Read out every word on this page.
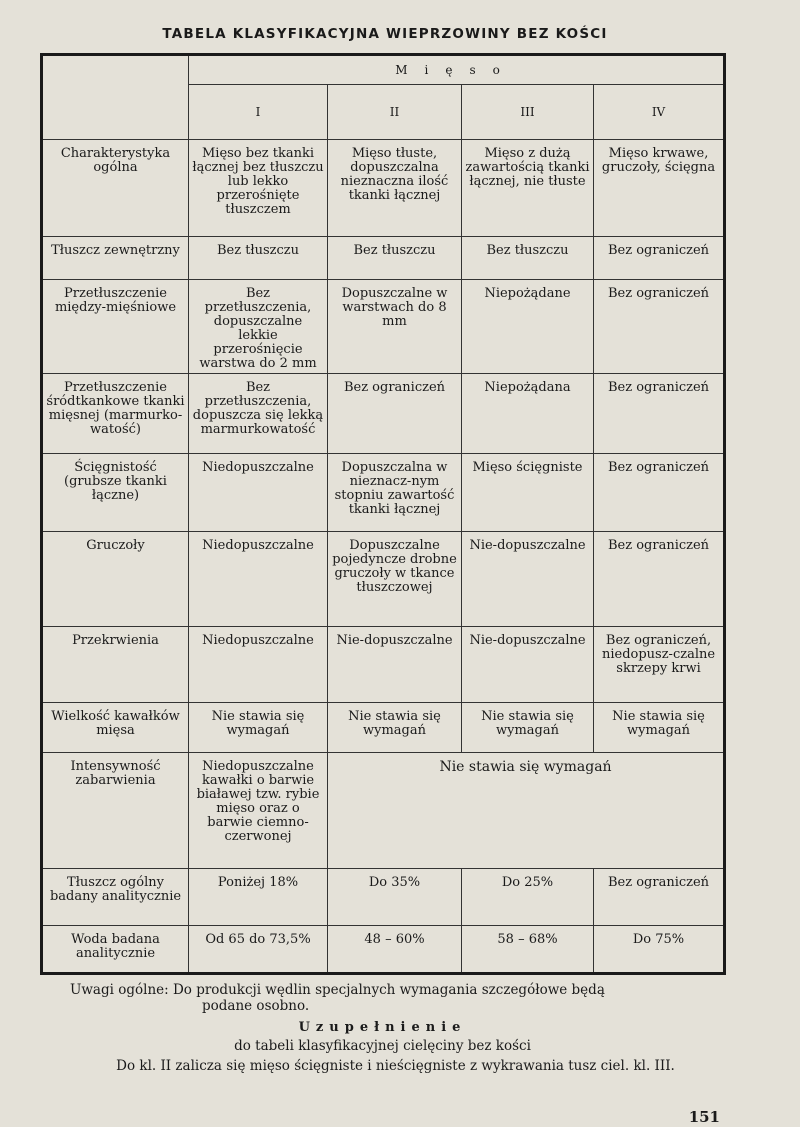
TABELA KLASYFIKACYJNA WIEPRZOWINY BEZ KOŚCI
	Mięso			
	I	II	III	IV
Charakterystyka ogólna	Mięso bez tkanki łącznej bez tłuszczu lub lekko przerośnięte tłuszczem	Mięso tłuste, dopuszczalna nieznaczna ilość tkanki łącznej	Mięso z dużą zawartością tkanki łącznej, nie tłuste	Mięso krwawe, gruczoły, ścięgna
Tłuszcz zewnętrzny	Bez tłuszczu	Bez tłuszczu	Bez tłuszczu	Bez ograniczeń
Przetłuszczenie między-mięśniowe	Bez przetłuszczenia, dopuszczalne lekkie przerośnięcie warstwa do 2 mm	Dopuszczalne w warstwach do 8 mm	Niepożądane	Bez ograniczeń
Przetłuszczenie śródtkankowe tkanki mięsnej (marmurko-watość)	Bez przetłuszczenia, dopuszcza się lekką marmurkowatość	Bez ograniczeń	Niepożądana	Bez ograniczeń
Ścięgnistość (grubsze tkanki łączne)	Niedopuszczalne	Dopuszczalna w nieznacz-nym stopniu zawartość tkanki łącznej	Mięso ścięgniste	Bez ograniczeń
Gruczoły	Niedopuszczalne	Dopuszczalne pojedyncze drobne gruczoły w tkance tłuszczowej	Nie-dopuszczalne	Bez ograniczeń
Przekrwienia	Niedopuszczalne	Nie-dopuszczalne	Nie-dopuszczalne	Bez ograniczeń, niedopusz-czalne skrzepy krwi
Wielkość kawałków mięsa	Nie stawia się wymagań	Nie stawia się wymagań	Nie stawia się wymagań	Nie stawia się wymagań
Intensywność zabarwienia	Niedopuszczalne kawałki o barwie białawej tzw. rybie mięso oraz o barwie ciemno-czerwonej	Nie stawia się wymagań		
Tłuszcz ogólny badany analitycznie	Poniżej 18%	Do 35%	Do 25%	Bez ograniczeń
Woda badana analitycznie	Od 65 do 73,5%	48 – 60%	58 – 68%	Do 75%
Uwagi ogólne: Do produkcji wędlin specjalnych wymagania szczegółowe będą
podane osobno.
Uzupełnienie
do tabeli klasyfikacyjnej cielęciny bez kości
Do kl. II zalicza się mięso ścięgniste i nieścięgniste z wykrawania tusz ciel. kl. III.
151
